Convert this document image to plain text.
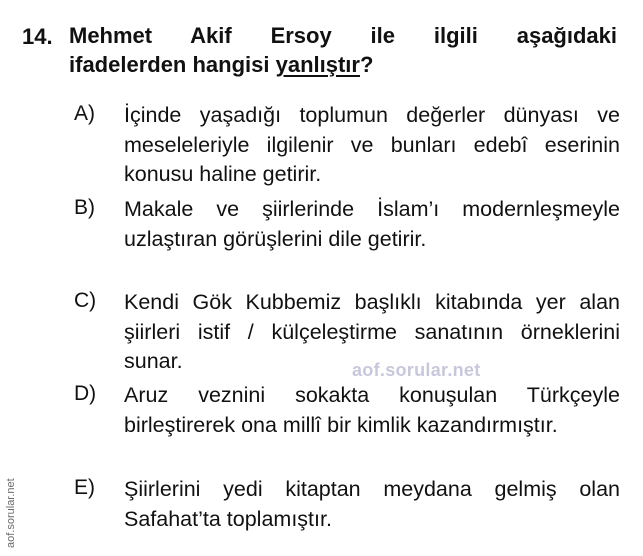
14. Mehmet Akif Ersoy ile ilgili aşağıdaki
ifadelerden hangisi yanlıştır?
A)	İçinde yaşadığı toplumun değerler dünyası ve meseleleriyle ilgilenir ve bunları edebî eserinin konusu haline getirir.
B)	Makale ve şiirlerinde İslam’ı modernleşmeyle uzlaştıran görüşlerini dile getirir.
C)	Kendi Gök Kubbemiz başlıklı kitabında yer alan şiirleri istif / külçeleştirme sanatının örneklerini sunar.
D)	Aruz veznini sokakta konuşulan Türkçeyle birleştirerek ona millî bir kimlik kazandırmıştır.
E)	Şiirlerini yedi kitaptan meydana gelmiş olan Safahat’ta toplamıştır.
aof.sorular.net
aof.sorular.net
